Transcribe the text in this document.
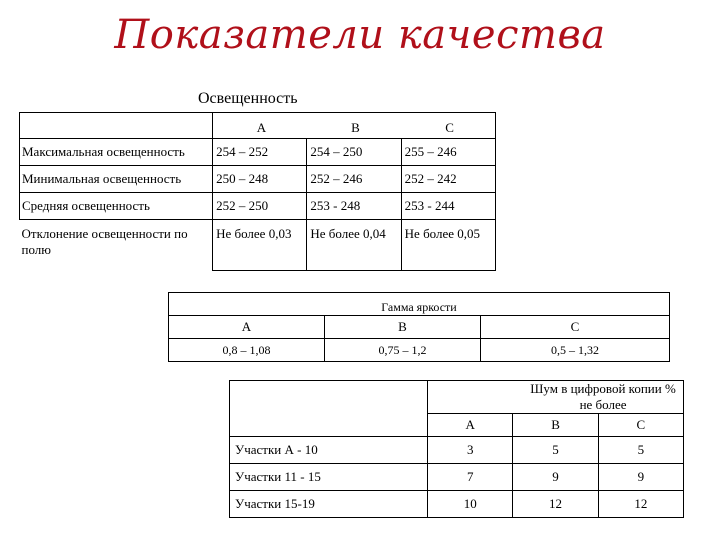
Показатели качества
Освещенность
	А	В	С
Максимальная освещенность	254 – 252	254 – 250	255 – 246
Минимальная освещенность	250 – 248	252 – 246	252 – 242
Средняя освещенность	252 – 250	253 - 248	253 - 244
Отклонение освещенности по полю	Не более 0,03	Не более 0,04	Не более 0,05
Гамма яркости		
А	В	С
0,8 – 1,08	0,75 – 1,2	0,5 – 1,32
	Шум в цифровой копии % не более		
	А	В	С
Участки А - 10	3	5	5
Участки 11 - 15	7	9	9
Участки 15-19	10	12	12
